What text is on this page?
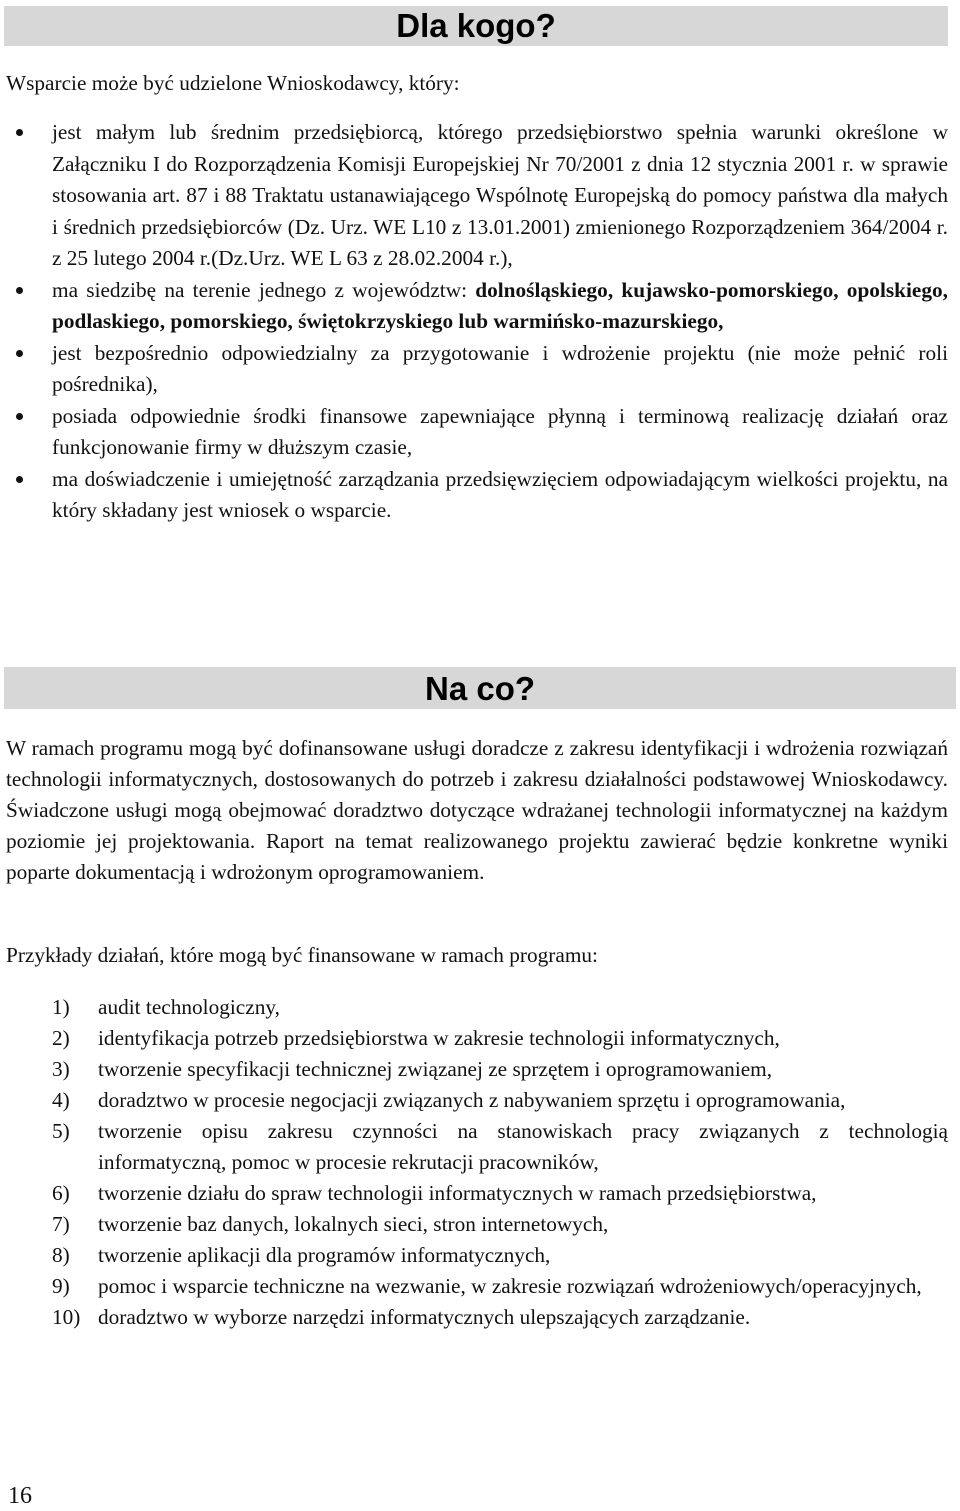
Dla kogo?

Wsparcie może być udzielone Wnioskodawcy, który:

jest małym lub średnim przedsiębiorcą, którego przedsiębiorstwo spełnia warunki określone w Załączniku I do Rozporządzenia Komisji Europejskiej Nr 70/2001 z dnia 12 stycznia 2001 r. w sprawie stosowania art. 87 i 88 Traktatu ustanawiającego Wspólnotę Europejską do pomocy państwa dla małych i średnich przedsiębiorców (Dz. Urz. WE L10 z 13.01.2001) zmienionego Rozporządzeniem 364/2004 r. z 25 lutego 2004 r.(Dz.Urz. WE L 63 z 28.02.2004 r.),
ma siedzibę na terenie jednego z województw: dolnośląskiego, kujawsko-pomorskiego, opolskiego, podlaskiego, pomorskiego, świętokrzyskiego lub warmińsko-mazurskiego,
jest bezpośrednio odpowiedzialny za przygotowanie i wdrożenie projektu (nie może pełnić roli pośrednika),
posiada odpowiednie środki finansowe zapewniające płynną i terminową realizację działań oraz funkcjonowanie firmy w dłuższym czasie,
ma doświadczenie i umiejętność zarządzania przedsięwzięciem odpowiadającym wielkości projektu, na który składany jest wniosek o wsparcie.
Na co?

W ramach programu mogą być dofinansowane usługi doradcze z zakresu identyfikacji i wdrożenia rozwiązań technologii informatycznych, dostosowanych do potrzeb i zakresu działalności podstawowej Wnioskodawcy. Świadczone usługi mogą obejmować doradztwo dotyczące wdrażanej technologii informatycznej na każdym poziomie jej projektowania. Raport na temat realizowanego projektu zawierać będzie konkretne wyniki poparte dokumentacją i wdrożonym oprogramowaniem.

Przykłady działań, które mogą być finansowane w ramach programu:

1) audit technologiczny,
2) identyfikacja potrzeb przedsiębiorstwa w zakresie technologii informatycznych,
3) tworzenie specyfikacji technicznej związanej ze sprzętem i oprogramowaniem,
4) doradztwo w procesie negocjacji związanych z nabywaniem sprzętu i oprogramowania,
5) tworzenie opisu zakresu czynności na stanowiskach pracy związanych z technologią informatyczną, pomoc w procesie rekrutacji pracowników,
6) tworzenie działu do spraw technologii informatycznych w ramach przedsiębiorstwa,
7) tworzenie baz danych, lokalnych sieci, stron internetowych,
8) tworzenie aplikacji dla programów informatycznych,
9) pomoc i wsparcie techniczne na wezwanie, w zakresie rozwiązań wdrożeniowych/operacyjnych,
10) doradztwo w wyborze narzędzi informatycznych ulepszających zarządzanie.
16
